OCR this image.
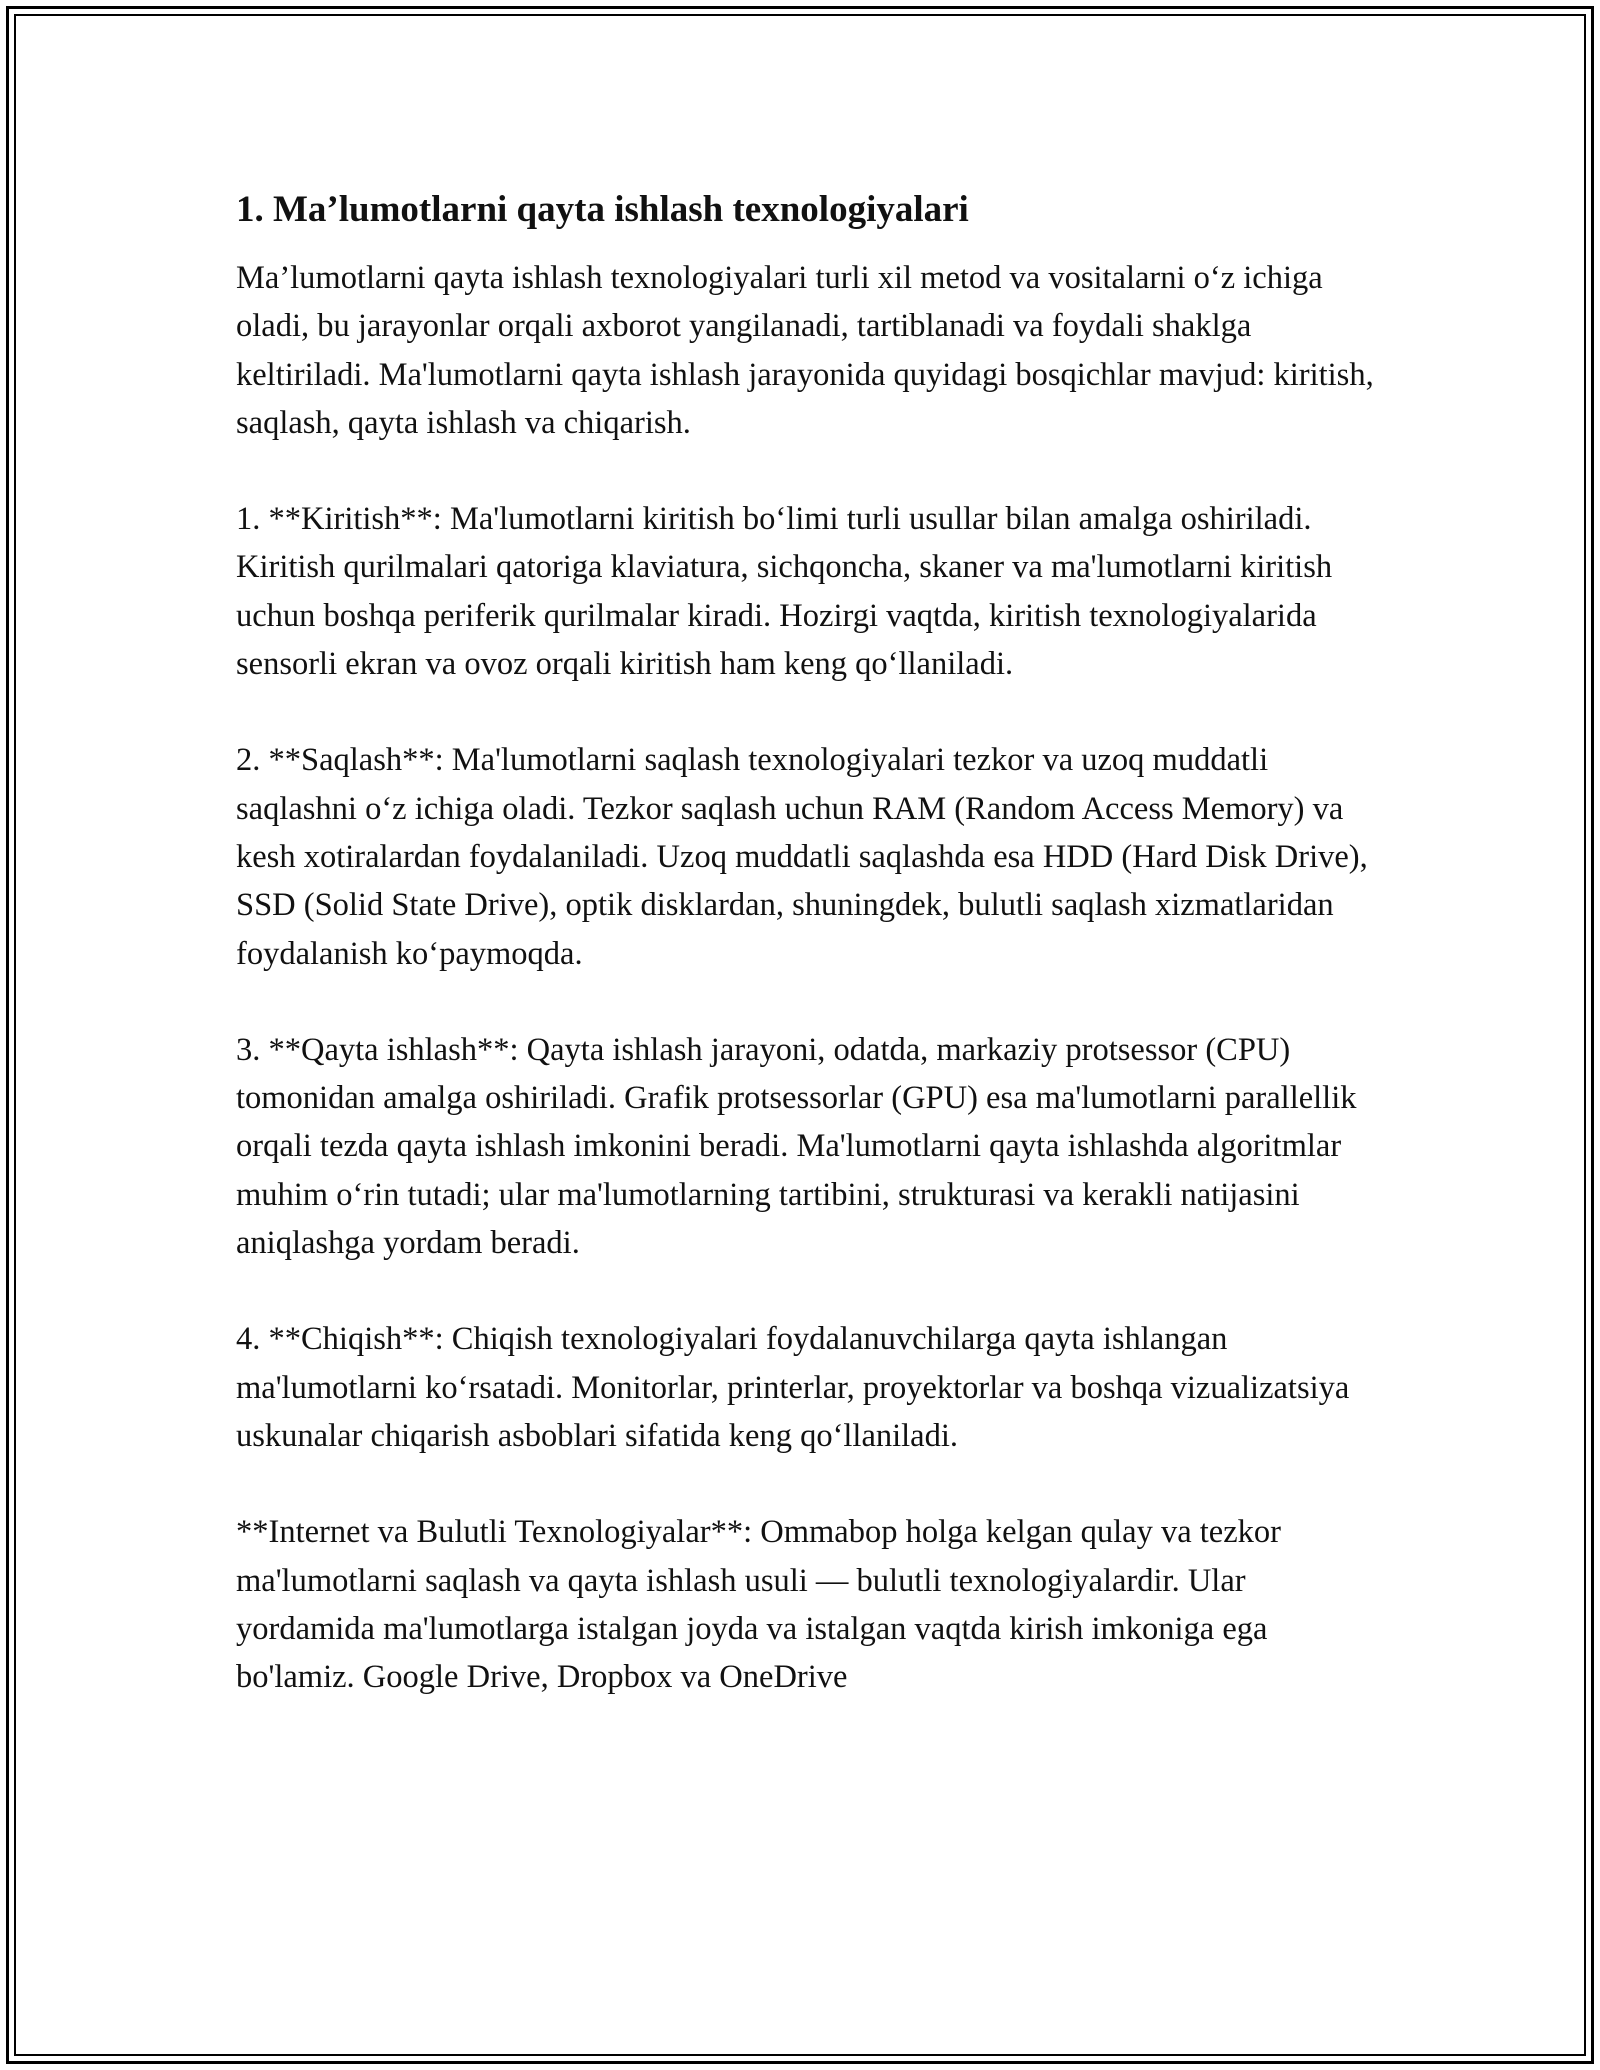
1. Ma’lumotlarni qayta ishlash texnologiyalari

Ma’lumotlarni qayta ishlash texnologiyalari turli xil metod va vositalarni o‘z ichiga oladi, bu jarayonlar orqali axborot yangilanadi, tartiblanadi va foydali shaklga keltiriladi. Ma'lumotlarni qayta ishlash jarayonida quyidagi bosqichlar mavjud: kiritish, saqlash, qayta ishlash va chiqarish.

1. **Kiritish**: Ma'lumotlarni kiritish bo‘limi turli usullar bilan amalga oshiriladi. Kiritish qurilmalari qatoriga klaviatura, sichqoncha, skaner va ma'lumotlarni kiritish uchun boshqa periferik qurilmalar kiradi. Hozirgi vaqtda, kiritish texnologiyalarida sensorli ekran va ovoz orqali kiritish ham keng qo‘llaniladi.

2. **Saqlash**: Ma'lumotlarni saqlash texnologiyalari tezkor va uzoq muddatli saqlashni o‘z ichiga oladi. Tezkor saqlash uchun RAM (Random Access Memory) va kesh xotiralardan foydalaniladi. Uzoq muddatli saqlashda esa HDD (Hard Disk Drive), SSD (Solid State Drive), optik disklardan, shuningdek, bulutli saqlash xizmatlaridan foydalanish ko‘paymoqda.

3. **Qayta ishlash**: Qayta ishlash jarayoni, odatda, markaziy protsessor (CPU) tomonidan amalga oshiriladi. Grafik protsessorlar (GPU) esa ma'lumotlarni parallellik orqali tezda qayta ishlash imkonini beradi. Ma'lumotlarni qayta ishlashda algoritmlar muhim o‘rin tutadi; ular ma'lumotlarning tartibini, strukturasi va kerakli natijasini aniqlashga yordam beradi.

4. **Chiqish**: Chiqish texnologiyalari foydalanuvchilarga qayta ishlangan ma'lumotlarni ko‘rsatadi. Monitorlar, printerlar, proyektorlar va boshqa vizualizatsiya uskunalar chiqarish asboblari sifatida keng qo‘llaniladi.

**Internet va Bulutli Texnologiyalar**: Ommabop holga kelgan qulay va tezkor ma'lumotlarni saqlash va qayta ishlash usuli — bulutli texnologiyalardir. Ular yordamida ma'lumotlarga istalgan joyda va istalgan vaqtda kirish imkoniga ega bo'lamiz. Google Drive, Dropbox va OneDrive
